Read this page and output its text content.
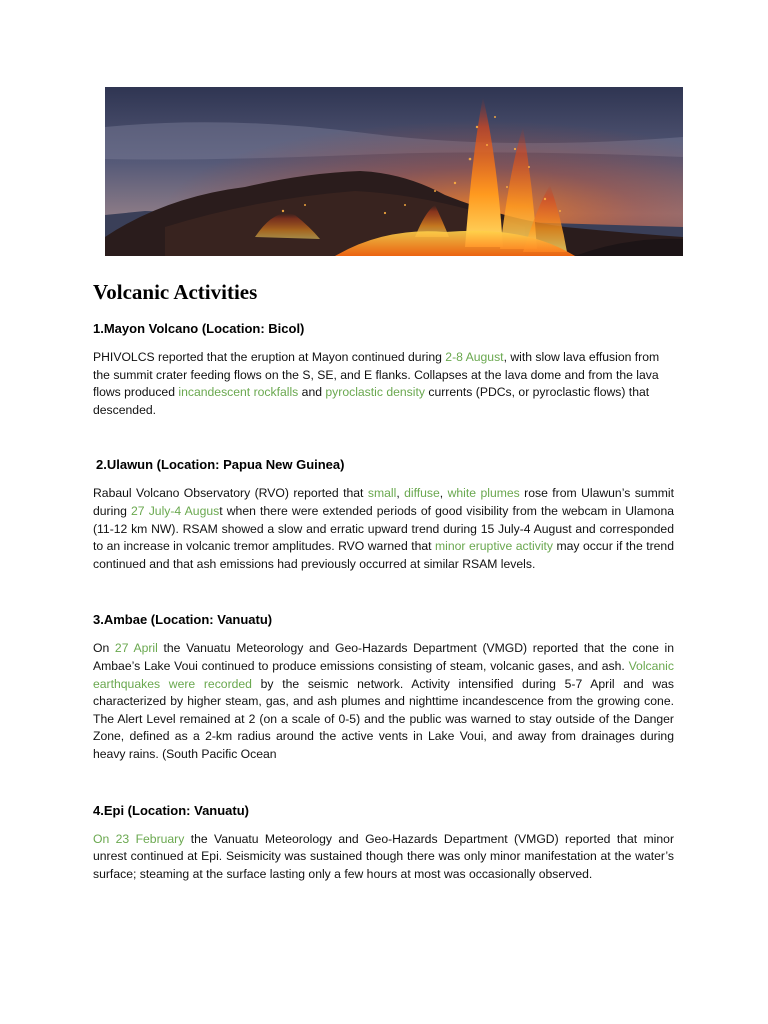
Volcanic Activities
1.Mayon Volcano (Location: Bicol)

PHIVOLCS reported that the eruption at Mayon continued during 2-8 August, with slow lava effusion from the summit crater feeding flows on the S, SE, and E flanks. Collapses at the lava dome and from the lava flows produced incandescent rockfalls and pyroclastic density currents (PDCs, or pyroclastic flows) that descended.

2.Ulawun (Location: Papua New Guinea)

Rabaul Volcano Observatory (RVO) reported that small, diffuse, white plumes rose from Ulawun’s summit during 27 July-4 August when there were extended periods of good visibility from the webcam in Ulamona (11-12 km NW). RSAM showed a slow and erratic upward trend during 15 July-4 August and corresponded to an increase in volcanic tremor amplitudes. RVO warned that minor eruptive activity may occur if the trend continued and that ash emissions had previously occurred at similar RSAM levels.

3.Ambae (Location: Vanuatu)

On 27 April the Vanuatu Meteorology and Geo-Hazards Department (VMGD) reported that the cone in Ambae’s Lake Voui continued to produce emissions consisting of steam, volcanic gases, and ash. Volcanic earthquakes were recorded by the seismic network. Activity intensified during 5-7 April and was characterized by higher steam, gas, and ash plumes and nighttime incandescence from the growing cone. The Alert Level remained at 2 (on a scale of 0-5) and the public was warned to stay outside of the Danger Zone, defined as a 2-km radius around the active vents in Lake Voui, and away from drainages during heavy rains. (South Pacific Ocean

4.Epi (Location: Vanuatu)

On 23 February the Vanuatu Meteorology and Geo-Hazards Department (VMGD) reported that minor unrest continued at Epi. Seismicity was sustained though there was only minor manifestation at the water’s surface; steaming at the surface lasting only a few hours at most was occasionally observed.
